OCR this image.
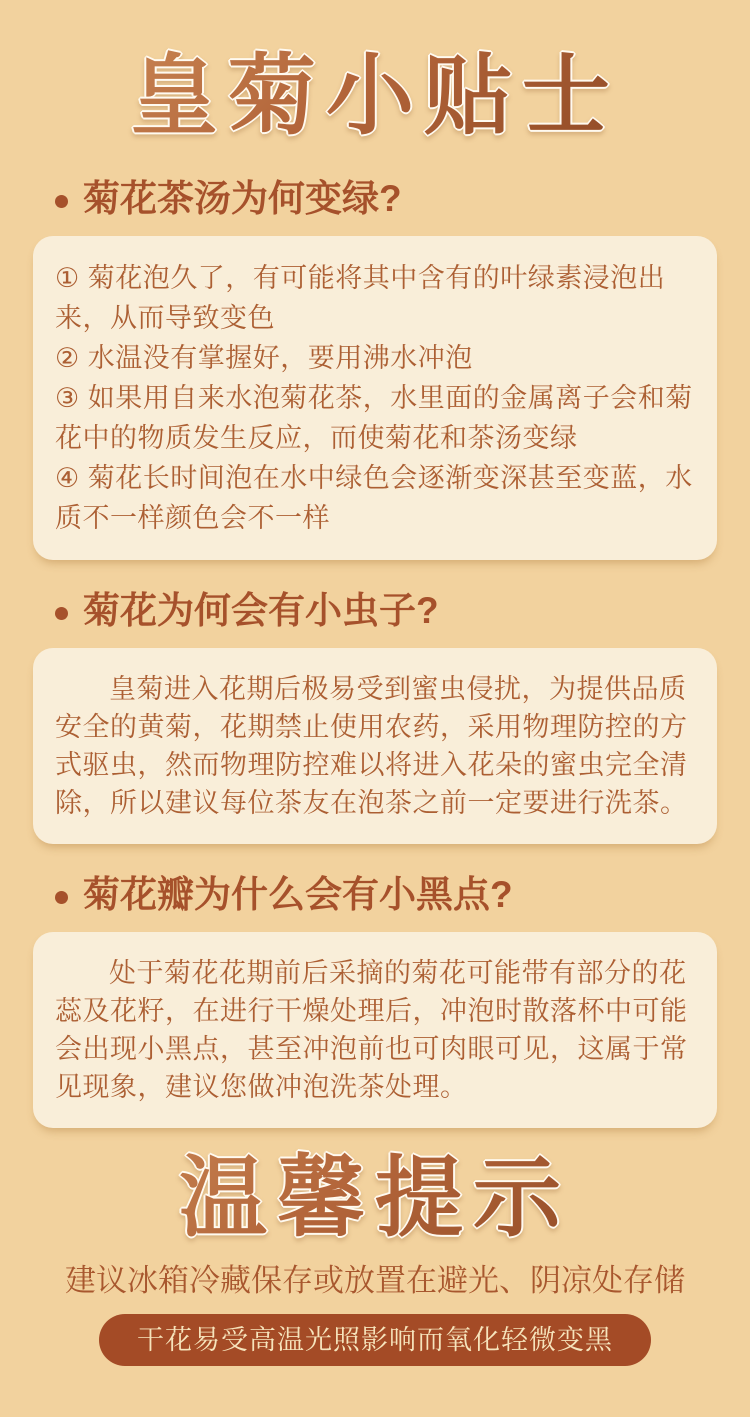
皇菊小贴士
菊花茶汤为何变绿?

① 菊花泡久了，有可能将其中含有的叶绿素浸泡出来，从而导致变色

② 水温没有掌握好，要用沸水冲泡

③ 如果用自来水泡菊花茶，水里面的金属离子会和菊花中的物质发生反应，而使菊花和茶汤变绿

④ 菊花长时间泡在水中绿色会逐渐变深甚至变蓝，水质不一样颜色会不一样

菊花为何会有小虫子?

皇菊进入花期后极易受到蜜虫侵扰，为提供品质安全的黄菊，花期禁止使用农药，采用物理防控的方式驱虫，然而物理防控难以将进入花朵的蜜虫完全清除，所以建议每位茶友在泡茶之前一定要进行洗茶。

菊花瓣为什么会有小黑点?

处于菊花花期前后采摘的菊花可能带有部分的花蕊及花籽，在进行干燥处理后，冲泡时散落杯中可能会出现小黑点，甚至冲泡前也可肉眼可见，这属于常见现象，建议您做冲泡洗茶处理。

温馨提示
建议冰箱冷藏保存或放置在避光、阴凉处存储
干花易受高温光照影响而氧化轻微变黑
